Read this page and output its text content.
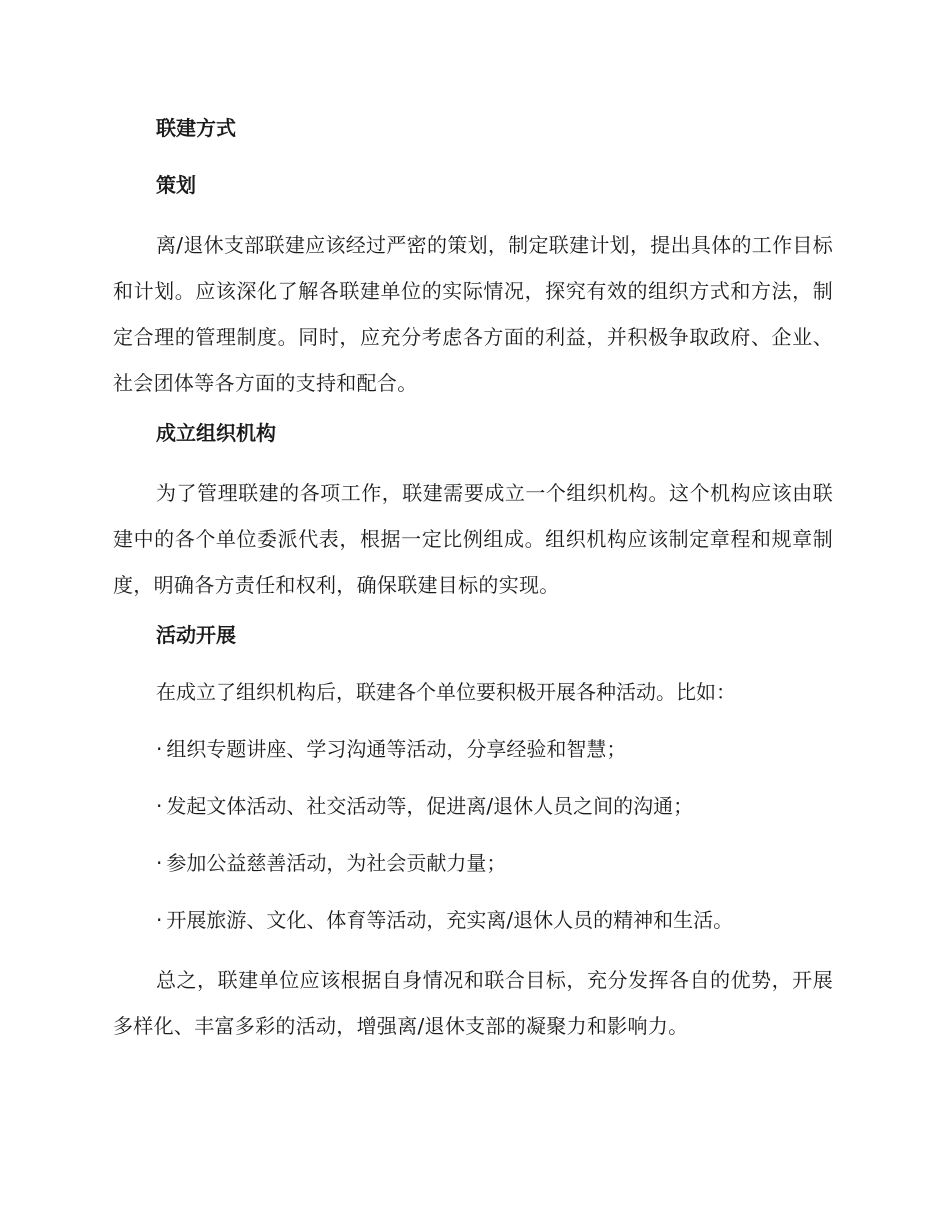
联建方式
策划
离/退休支部联建应该经过严密的策划，制定联建计划，提出具体的工作目标和计划。应该深化了解各联建单位的实际情况，探究有效的组织方式和方法，制定合理的管理制度。同时，应充分考虑各方面的利益，并积极争取政府、企业、社会团体等各方面的支持和配合。
成立组织机构
为了管理联建的各项工作，联建需要成立一个组织机构。这个机构应该由联建中的各个单位委派代表，根据一定比例组成。组织机构应该制定章程和规章制度，明确各方责任和权利，确保联建目标的实现。
活动开展
在成立了组织机构后，联建各个单位要积极开展各种活动。比如：
· 组织专题讲座、学习沟通等活动，分享经验和智慧；
· 发起文体活动、社交活动等，促进离/退休人员之间的沟通；
· 参加公益慈善活动，为社会贡献力量；
· 开展旅游、文化、体育等活动，充实离/退休人员的精神和生活。
总之，联建单位应该根据自身情况和联合目标，充分发挥各自的优势，开展多样化、丰富多彩的活动，增强离/退休支部的凝聚力和影响力。
